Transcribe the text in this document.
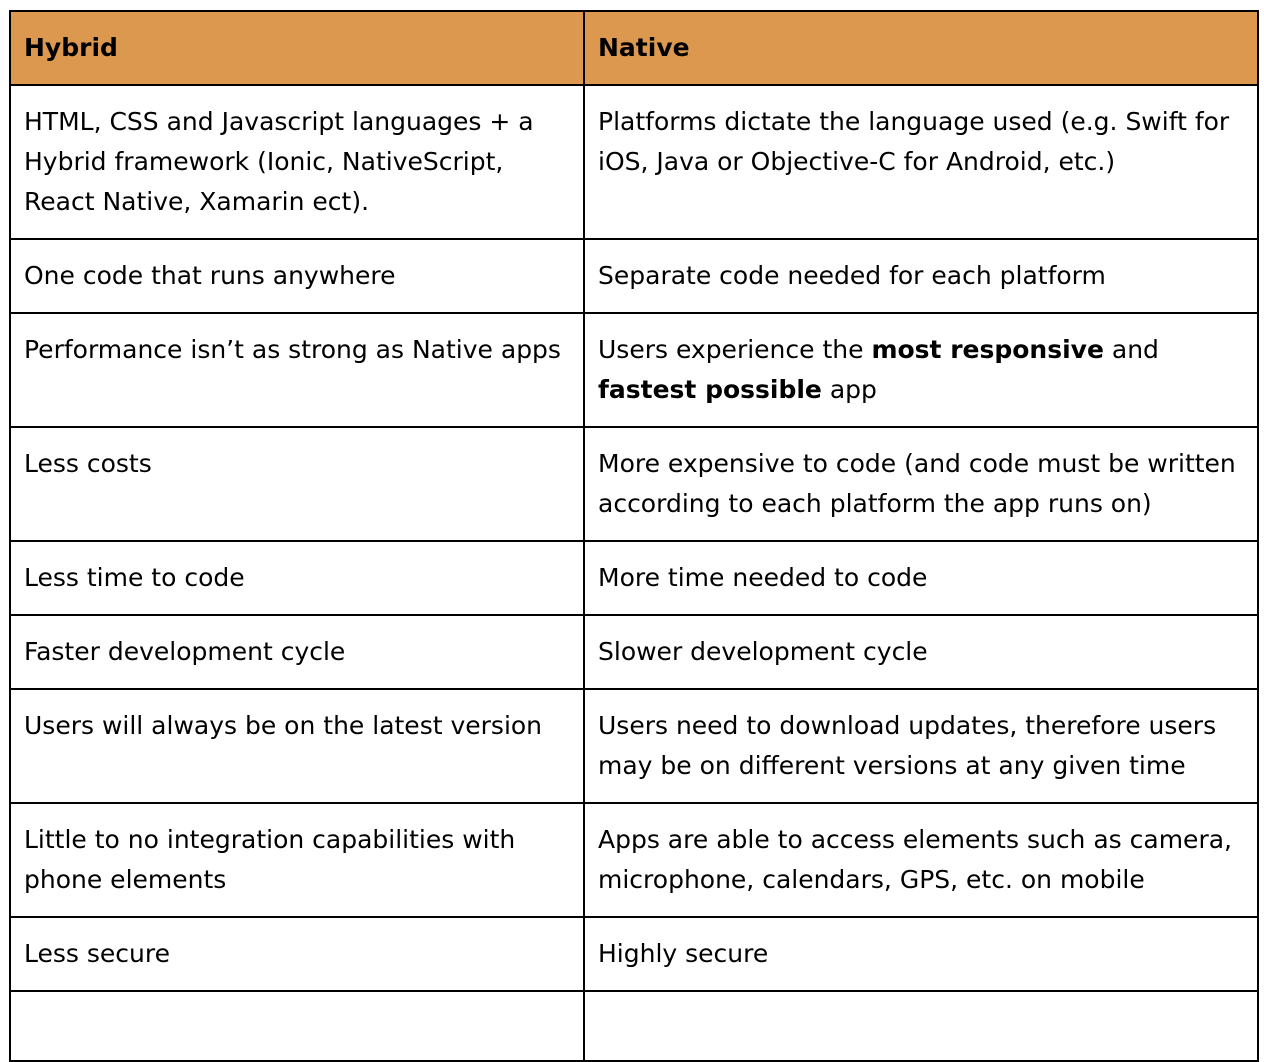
Hybrid	Native
HTML, CSS and Javascript languages + a Hybrid framework (Ionic, NativeScript, React Native, Xamarin ect).	Platforms dictate the language used (e.g. Swift for iOS, Java or Objective-C for Android, etc.)
One code that runs anywhere	Separate code needed for each platform
Performance isn’t as strong as Native apps	Users experience the most responsive and fastest possible app
Less costs	More expensive to code (and code must be written according to each platform the app runs on)
Less time to code	More time needed to code
Faster development cycle	Slower development cycle
Users will always be on the latest version	Users need to download updates, therefore users may be on different versions at any given time
Little to no integration capabilities with phone elements	Apps are able to access elements such as camera, microphone, calendars, GPS, etc. on mobile
Less secure	Highly secure
